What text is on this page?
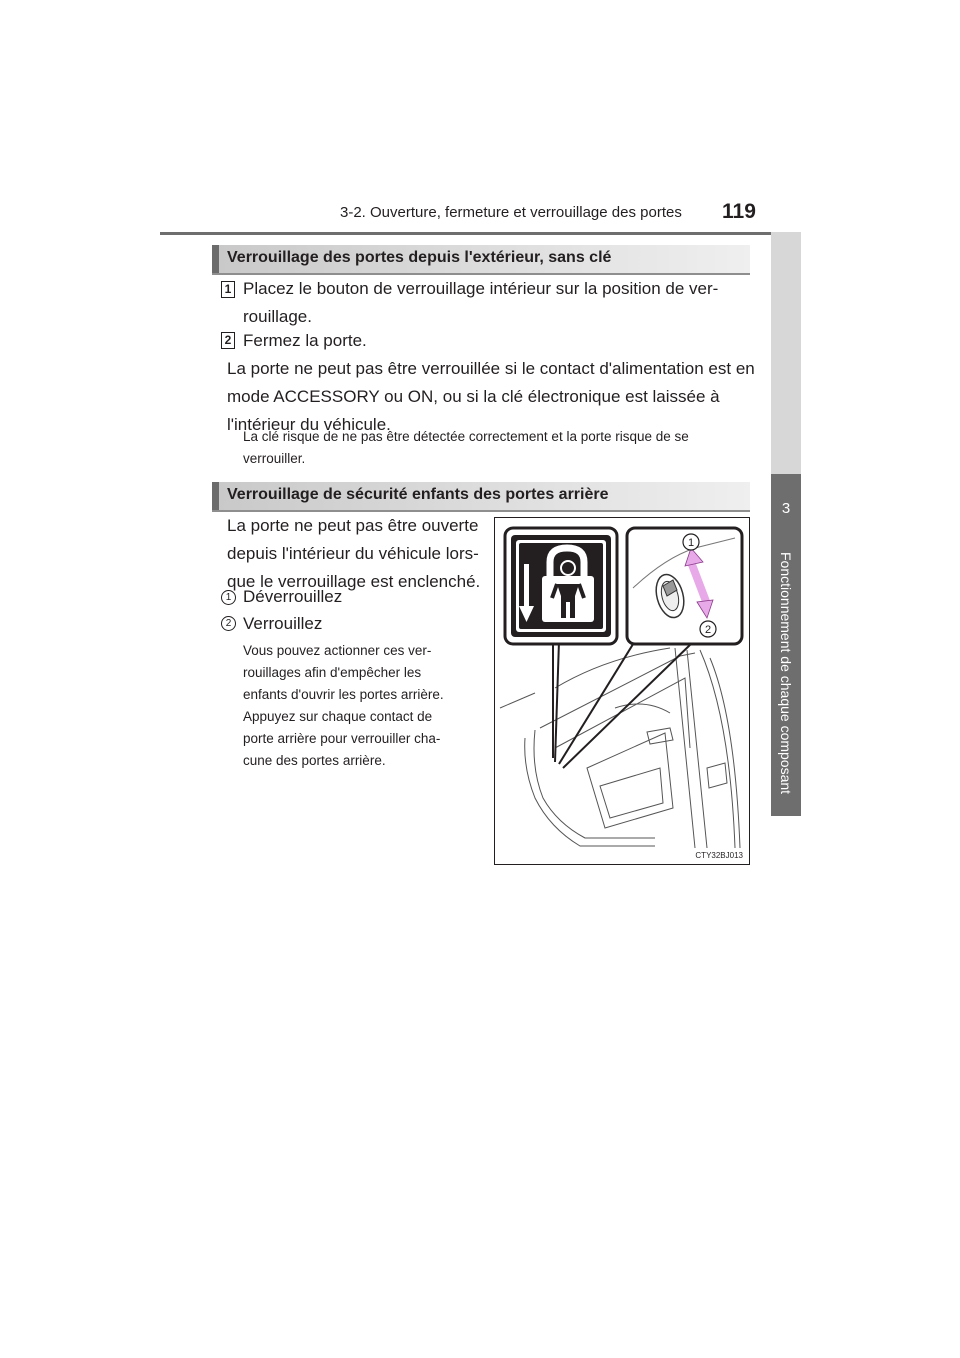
3-2. Ouverture, fermeture et verrouillage des portes 119
3
Fonctionnement de chaque composant
Verrouillage des portes depuis l'extérieur, sans clé
1 Placez le bouton de verrouillage intérieur sur la position de ver-
rouillage.
2 Fermez la porte.
La porte ne peut pas être verrouillée si le contact d'alimentation est en
mode ACCESSORY ou ON, ou si la clé électronique est laissée à
l'intérieur du véhicule.
La clé risque de ne pas être détectée correctement et la porte risque de se
verrouiller.
Verrouillage de sécurité enfants des portes arrière
La porte ne peut pas être ouverte
depuis l'intérieur du véhicule lors-
que le verrouillage est enclenché.
1 Déverrouillez
2 Verrouillez
Vous pouvez actionner ces ver-
rouillages afin d'empêcher les
enfants d'ouvrir les portes arrière.
Appuyez sur chaque contact de
porte arrière pour verrouiller cha-
cune des portes arrière.
1
2
CTY32BJ013
